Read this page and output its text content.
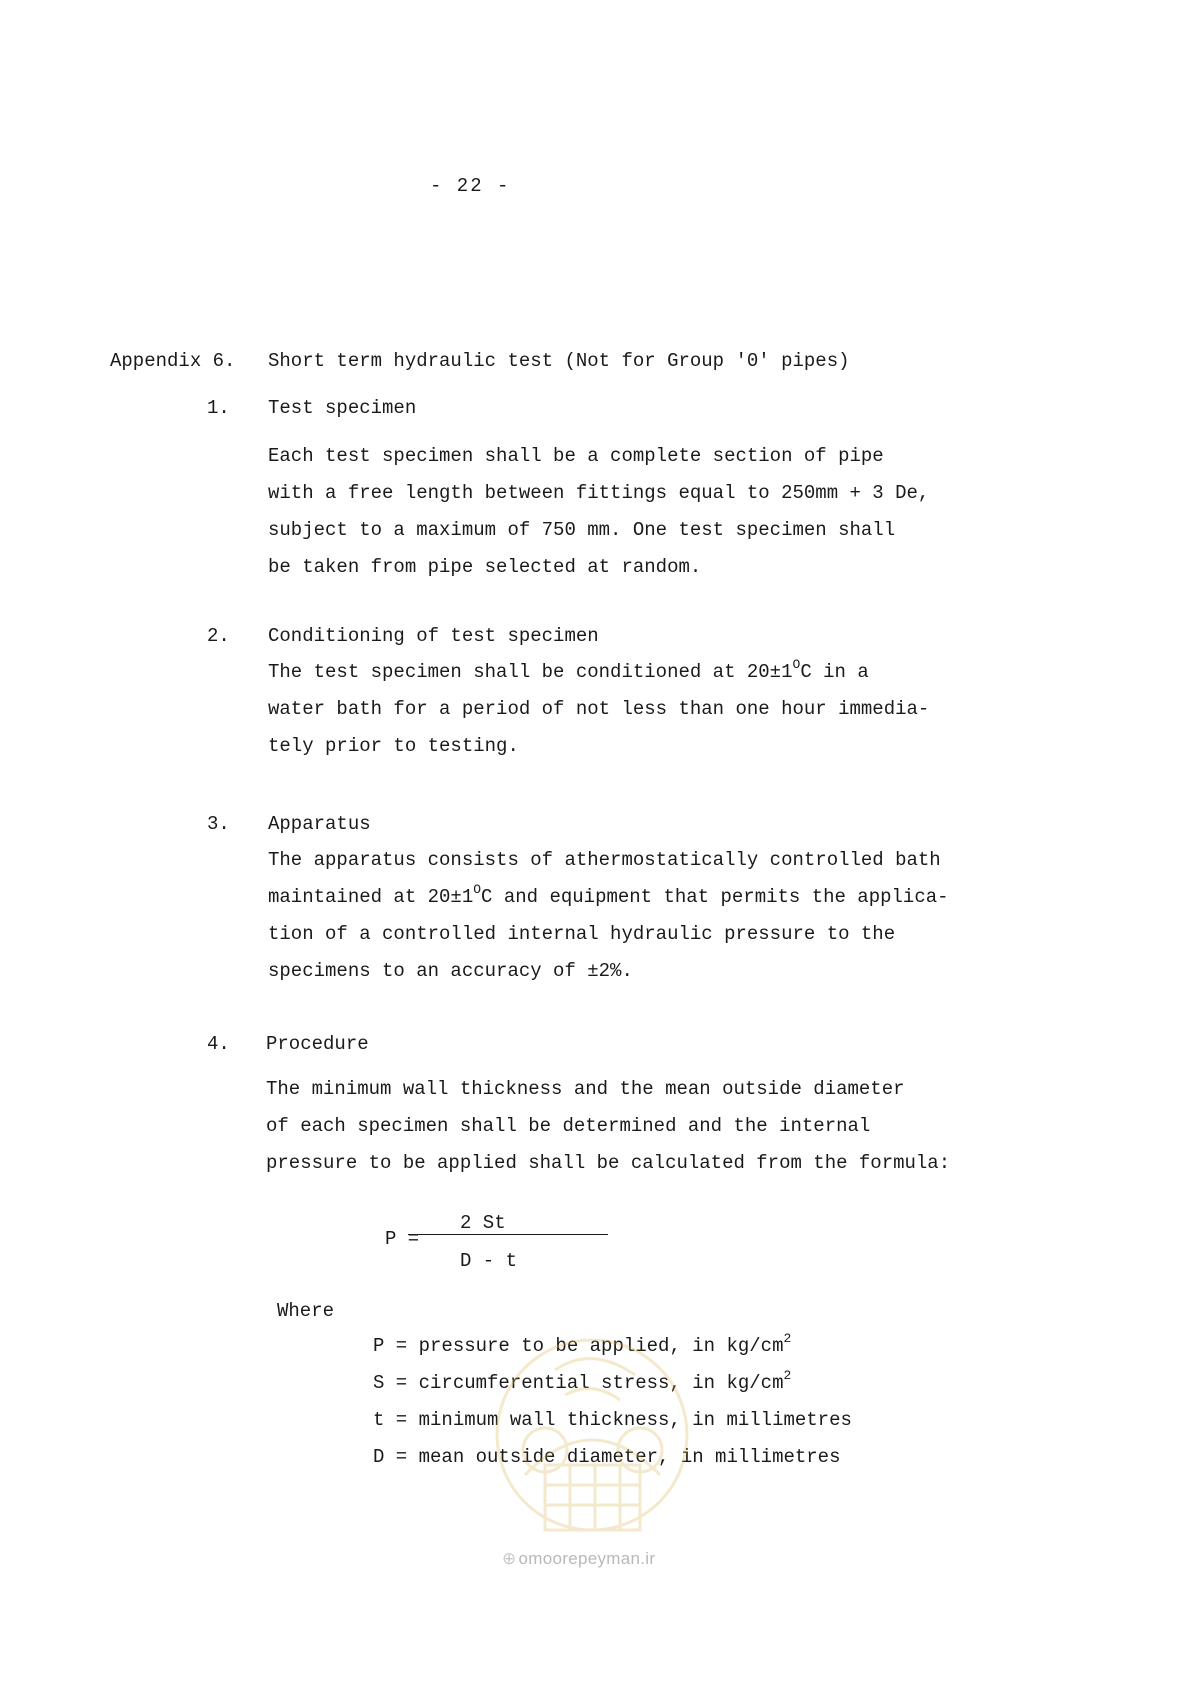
- 22 -
Appendix 6. Short term hydraulic test (Not for Group '0' pipes)
1. Test specimen
Each test specimen shall be a complete section of pipe
with a free length between fittings equal to 250mm + 3 De,
subject to a maximum of 750 mm. One test specimen shall
be taken from pipe selected at random.
2. Conditioning of test specimen
The test specimen shall be conditioned at $20\pm 1^OC$ in a
water bath for a period of not less than one hour immedia-
tely prior to testing.
3. Apparatus
The apparatus consists of athermostatically controlled bath
maintained at $20\pm 1^OC$ and equipment that permits the applica-
tion of a controlled internal hydraulic pressure to the
specimens to an accuracy of ±2%.
4. Procedure
The minimum wall thickness and the mean outside diameter
of each specimen shall be determined and the internal
pressure to be applied shall be calculated from the formula:
P =
2 St
D - t
Where
P = pressure to be applied, in $kg/cm^2$
S = circumferential stress, in $kg/cm^2$
t = minimum wall thickness, in millimetres
D = mean outside diameter, in millimetres
⊕ omoorepeyman.ir
